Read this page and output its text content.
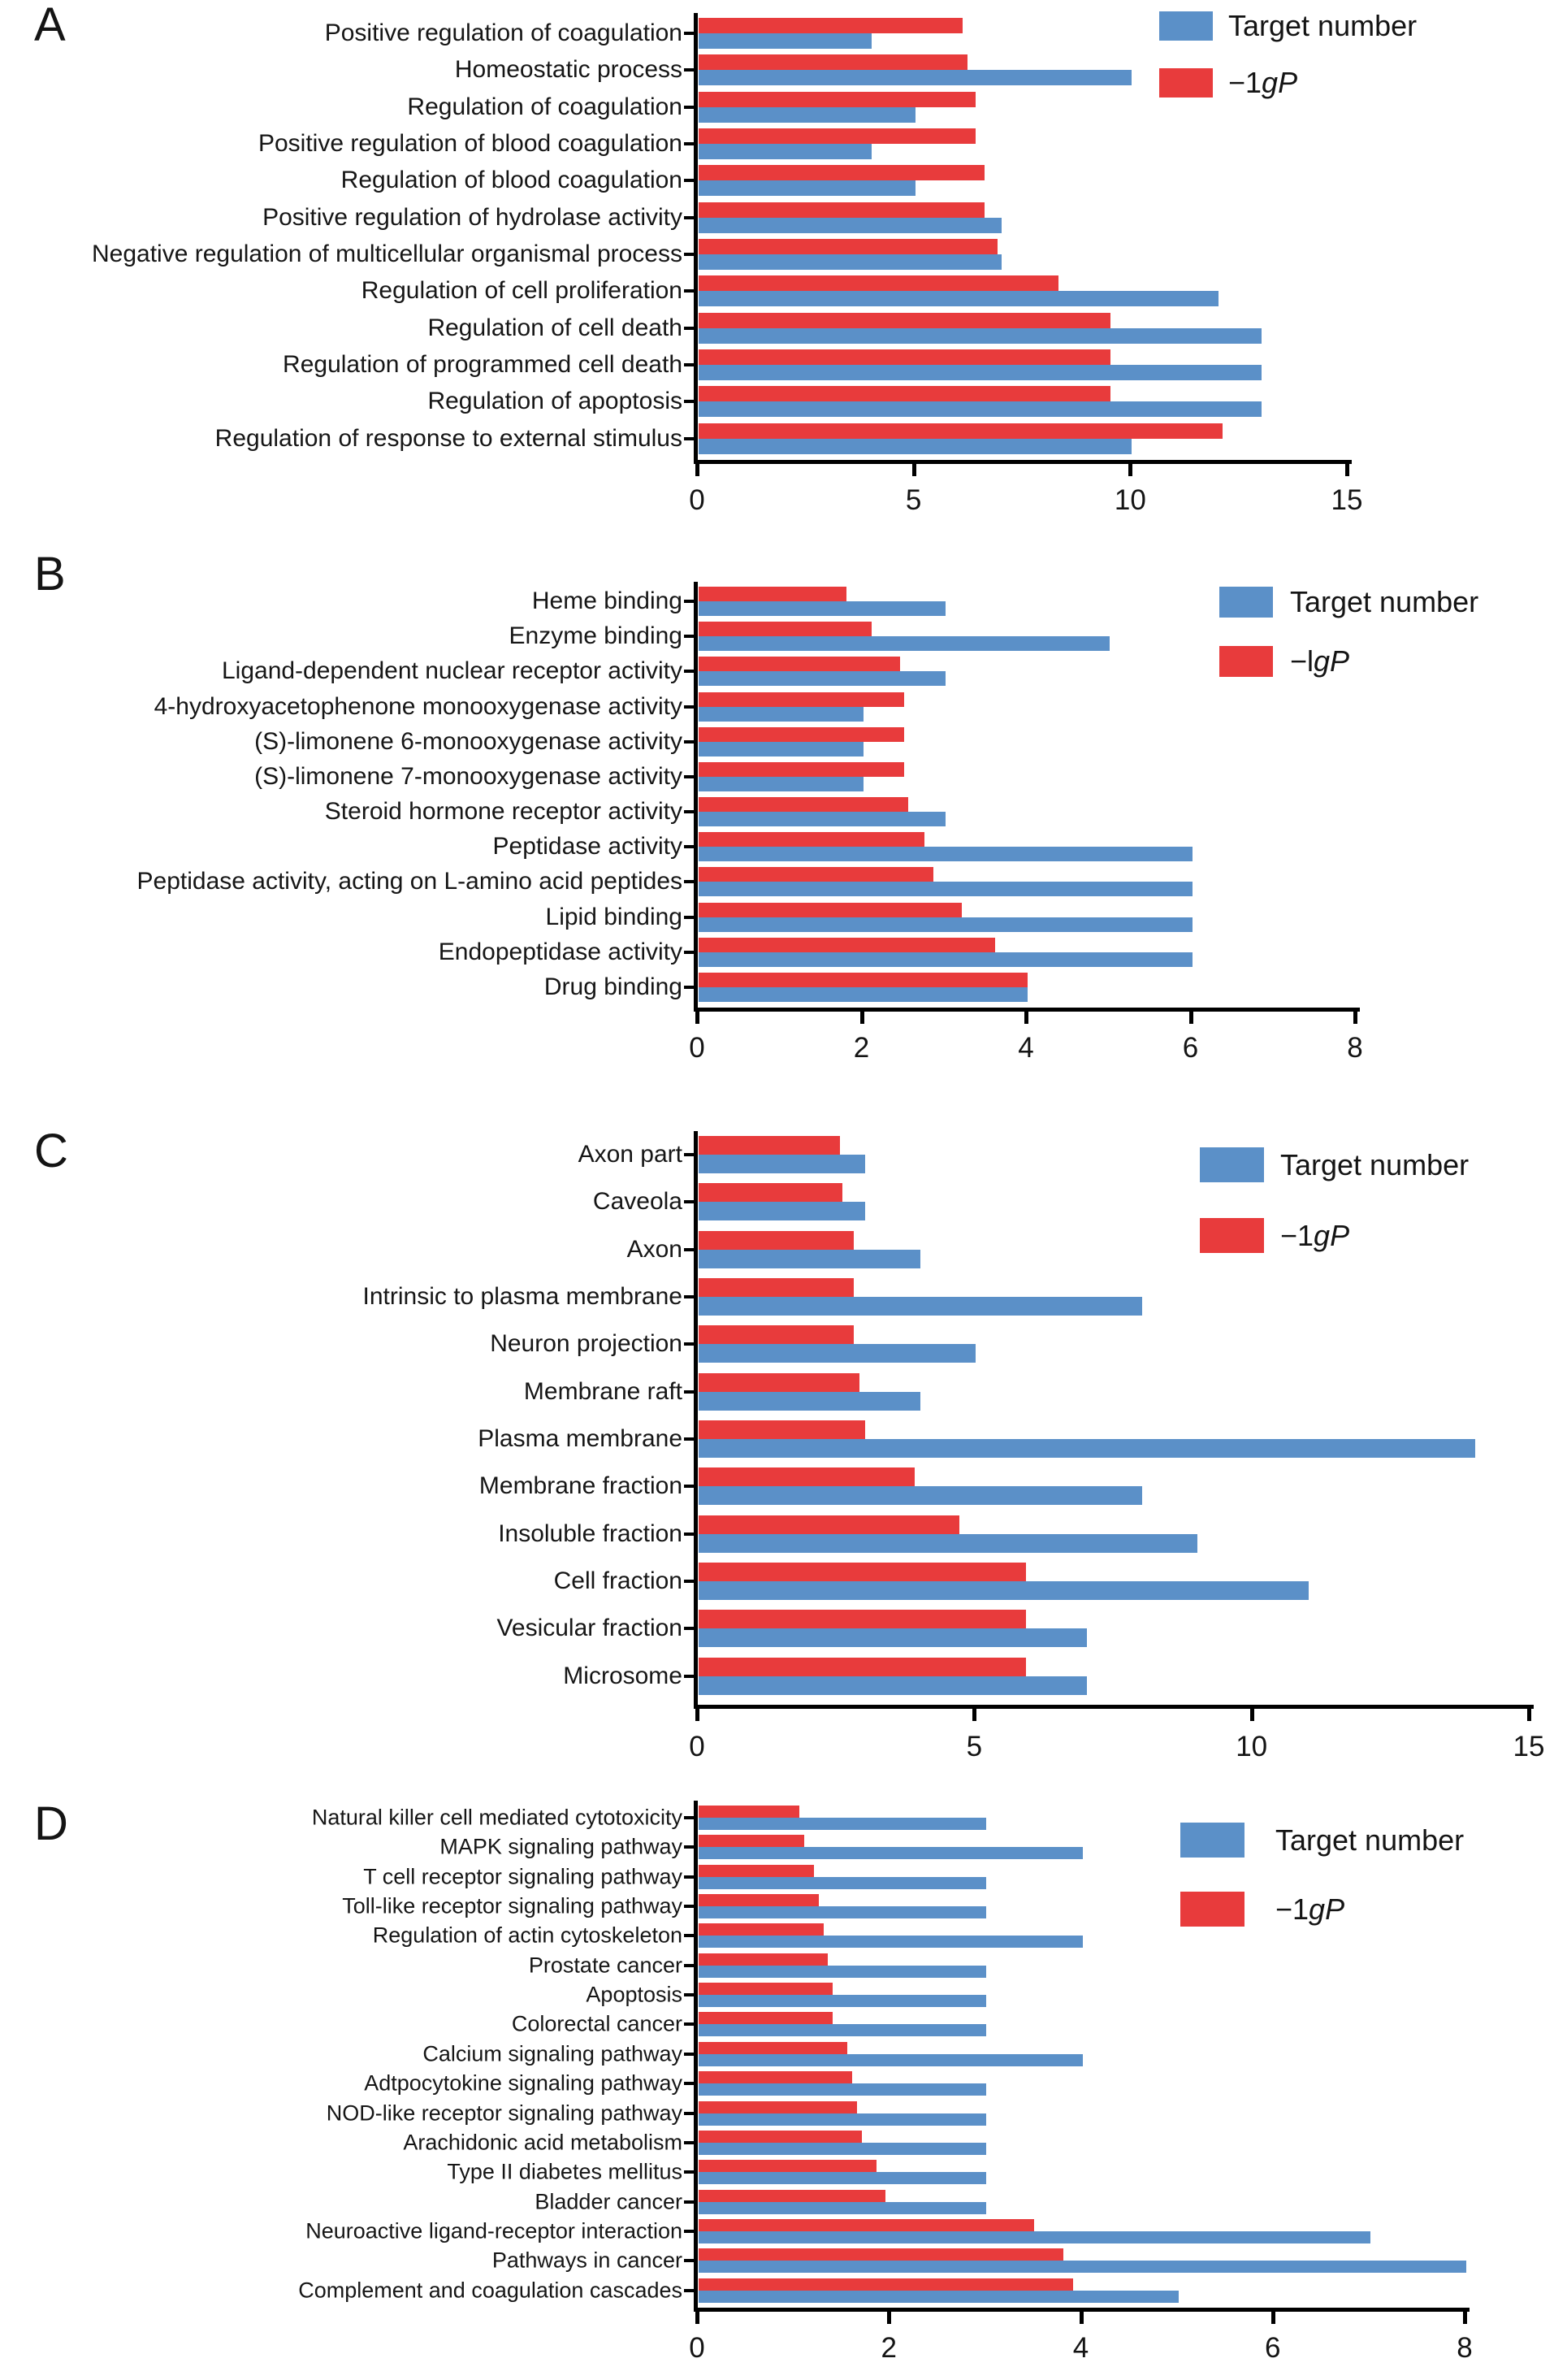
A	Positive regulation of coagulation
Homeostatic process
Regulation of coagulation
Positive regulation of blood coagulation
Regulation of blood coagulation
Positive regulation of hydrolase activity
Negative regulation of multicellular organismal process
Regulation of cell proliferation
Regulation of cell death
Regulation of programmed cell death
Regulation of apoptosis
Regulation of response to external stimulus
0	5	10	15
Target number
−1gP
B
Heme binding
Enzyme binding
Ligand-dependent nuclear receptor activity
4-hydroxyacetophenone monooxygenase activity
(S)-limonene 6-monooxygenase activity
(S)-limonene 7-monooxygenase activity
Steroid hormone receptor activity
Peptidase activity
Peptidase activity, acting on L-amino acid peptides
Lipid binding
Endopeptidase activity
Drug binding
0	2	4	6	8
Target number
−lgP
C	Axon part
Caveola
Axon
Intrinsic to plasma membrane
Neuron projection
Membrane raft
Plasma membrane
Membrane fraction
Insoluble fraction
Cell fraction
Vesicular fraction
Microsome
0	5	10	15
Target number
−1gP
D	Natural killer cell mediated cytotoxicity
MAPK signaling pathway
T cell receptor signaling pathway
Toll-like receptor signaling pathway
Regulation of actin cytoskeleton
Prostate cancer
Apoptosis
Colorectal cancer
Calcium signaling pathway
Adtpocytokine signaling pathway
NOD-like receptor signaling pathway
Arachidonic acid metabolism
Type II diabetes mellitus
Bladder cancer
Neuroactive ligand-receptor interaction
Pathways in cancer
Complement and coagulation cascades
0	2	4	6	8
Target number
−1gP
